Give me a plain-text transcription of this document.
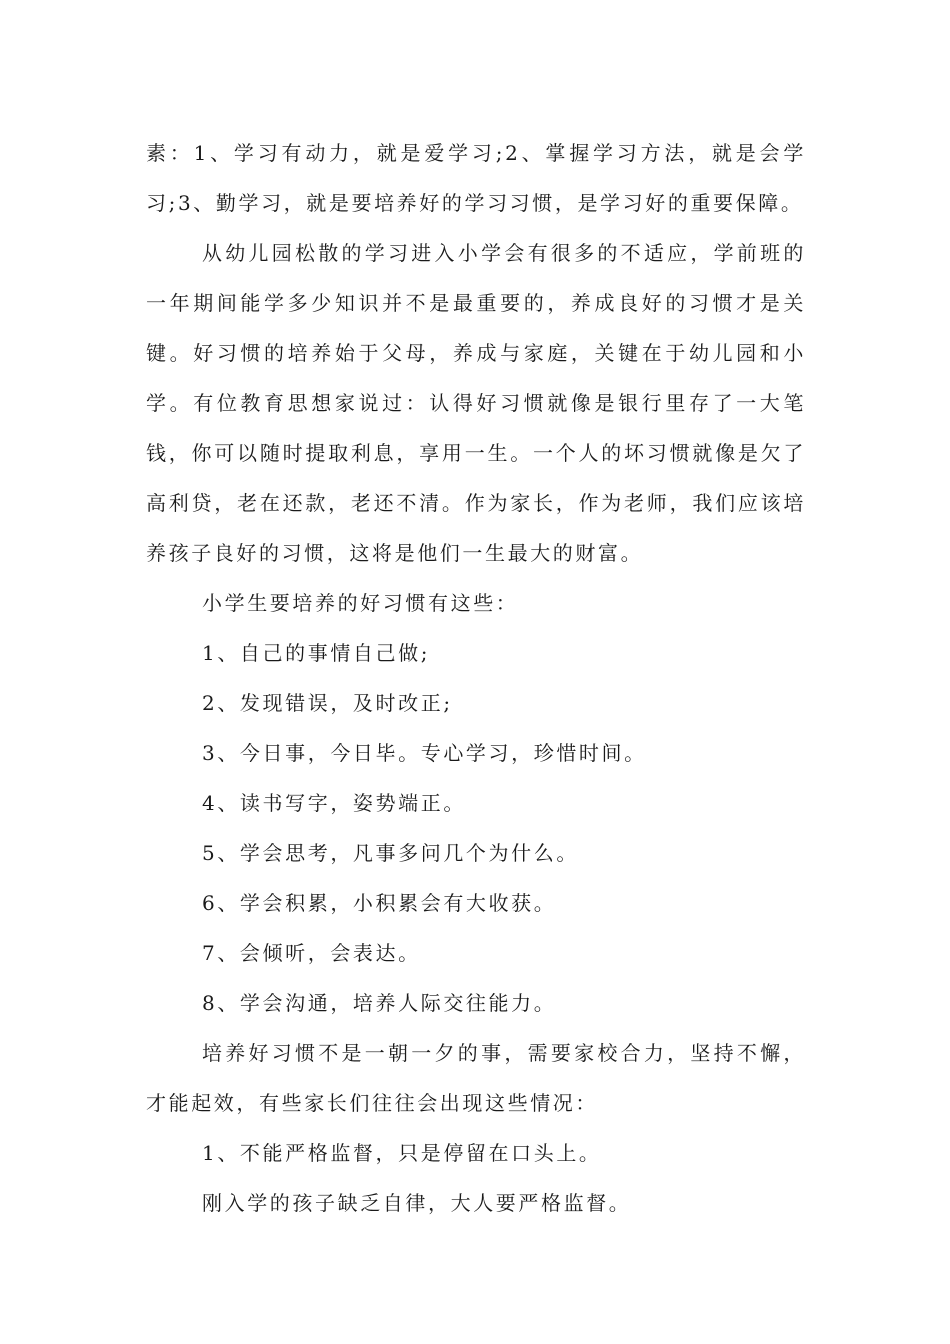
素：1、学习有动力，就是爱学习;2、掌握学习方法，就是会学习;3、勤学习，就是要培养好的学习习惯，是学习好的重要保障。

从幼儿园松散的学习进入小学会有很多的不适应，学前班的一年期间能学多少知识并不是最重要的，养成良好的习惯才是关键。好习惯的培养始于父母，养成与家庭，关键在于幼儿园和小学。有位教育思想家说过：认得好习惯就像是银行里存了一大笔钱，你可以随时提取利息，享用一生。一个人的坏习惯就像是欠了高利贷，老在还款，老还不清。作为家长，作为老师，我们应该培养孩子良好的习惯，这将是他们一生最大的财富。

小学生要培养的好习惯有这些：

1、自己的事情自己做;

2、发现错误，及时改正;

3、今日事，今日毕。专心学习，珍惜时间。

4、读书写字，姿势端正。

5、学会思考，凡事多问几个为什么。

6、学会积累，小积累会有大收获。

7、会倾听，会表达。

8、学会沟通，培养人际交往能力。

培养好习惯不是一朝一夕的事，需要家校合力，坚持不懈，才能起效，有些家长们往往会出现这些情况：

1、不能严格监督，只是停留在口头上。

刚入学的孩子缺乏自律，大人要严格监督。
